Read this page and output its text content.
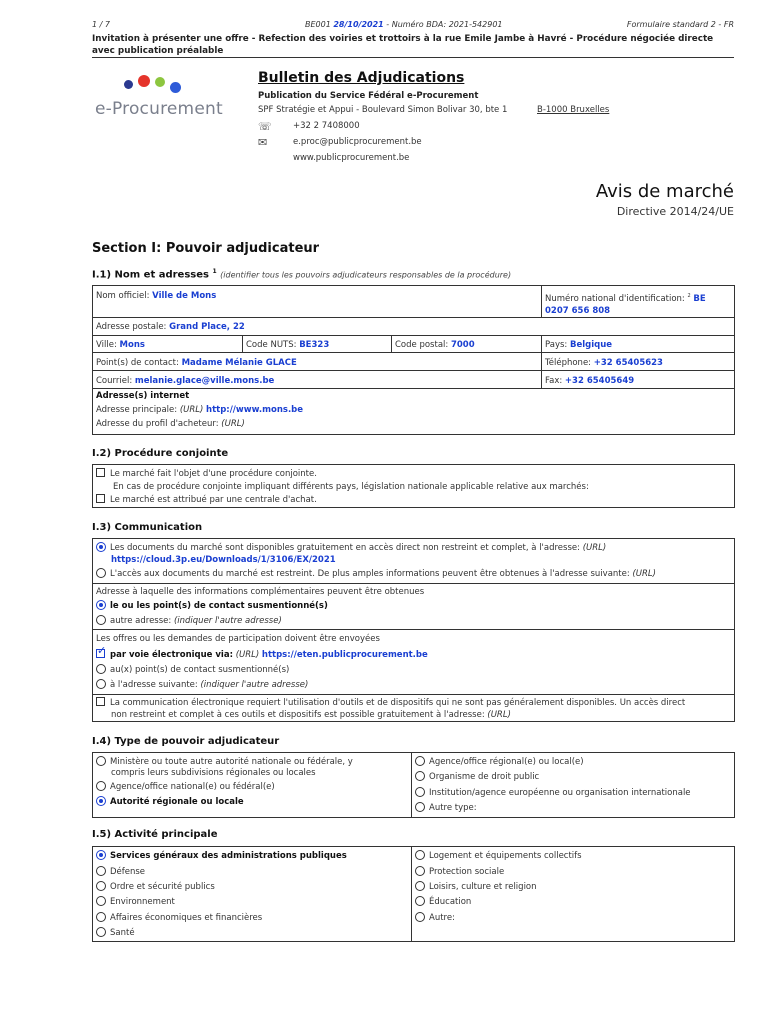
1 / 7	BE001 28/10/2021 - Numéro BDA: 2021-542901	Formulaire standard 2 - FR
Invitation à présenter une offre - Refection des voiries et trottoirs à la rue Emile Jambe à Havré - Procédure négociée directe avec publication préalable
e-Procurement
Bulletin des Adjudications
Publication du Service Fédéral e-Procurement
SPF Stratégie et Appui - Boulevard Simon Bolivar 30, bte 1	B-1000 Bruxelles
☏ +32 2 7408000
✉	e.proc@publicprocurement.be
www.publicprocurement.be
Avis de marché
Directive 2014/24/UE
Section I: Pouvoir adjudicateur
I.1) Nom et adresses $^1$ (identifier tous les pouvoirs adjudicateurs responsables de la procédure)
Nom officiel: Ville de Mons	Numéro national d'identification: $^2$ BE 0207 656 808
Adresse postale: Grand Place, 22
Ville: Mons	Code NUTS: BE323	Code postal: 7000	Pays: Belgique
Point(s) de contact: Madame Mélanie GLACE	Téléphone: +32 65405623
Courriel: melanie.glace@ville.mons.be	Fax: +32 65405649
Adresse(s) internet
Adresse principale: (URL) http://www.mons.be
Adresse du profil d'acheteur: (URL)
I.2) Procédure conjointe
Le marché fait l'objet d'une procédure conjointe.
En cas de procédure conjointe impliquant différents pays, législation nationale applicable relative aux marchés:
Le marché est attribué par une centrale d'achat.
I.3) Communication
Les documents du marché sont disponibles gratuitement en accès direct non restreint et complet, à l'adresse: (URL)
https://cloud.3p.eu/Downloads/1/3106/EX/2021
L'accès aux documents du marché est restreint. De plus amples informations peuvent être obtenues à l'adresse suivante: (URL)
Adresse à laquelle des informations complémentaires peuvent être obtenues
le ou les point(s) de contact susmentionné(s)
autre adresse: (indiquer l'autre adresse)
Les offres ou les demandes de participation doivent être envoyées
✓par voie électronique via: (URL) https://eten.publicprocurement.be
au(x) point(s) de contact susmentionné(s)
à l'adresse suivante: (indiquer l'autre adresse)
La communication électronique requiert l'utilisation d'outils et de dispositifs qui ne sont pas généralement disponibles. Un accès direct
non restreint et complet à ces outils et dispositifs est possible gratuitement à l'adresse: (URL)
I.4) Type de pouvoir adjudicateur
Ministère ou toute autre autorité nationale ou fédérale, y
compris leurs subdivisions régionales ou locales
Agence/office national(e) ou fédéral(e)
Autorité régionale ou locale
Agence/office régional(e) ou local(e)
Organisme de droit public
Institution/agence européenne ou organisation internationale
Autre type:
I.5) Activité principale
Services généraux des administrations publiques
Défense
Ordre et sécurité publics
Environnement
Affaires économiques et financières
Santé
Logement et équipements collectifs
Protection sociale
Loisirs, culture et religion
Éducation
Autre:
